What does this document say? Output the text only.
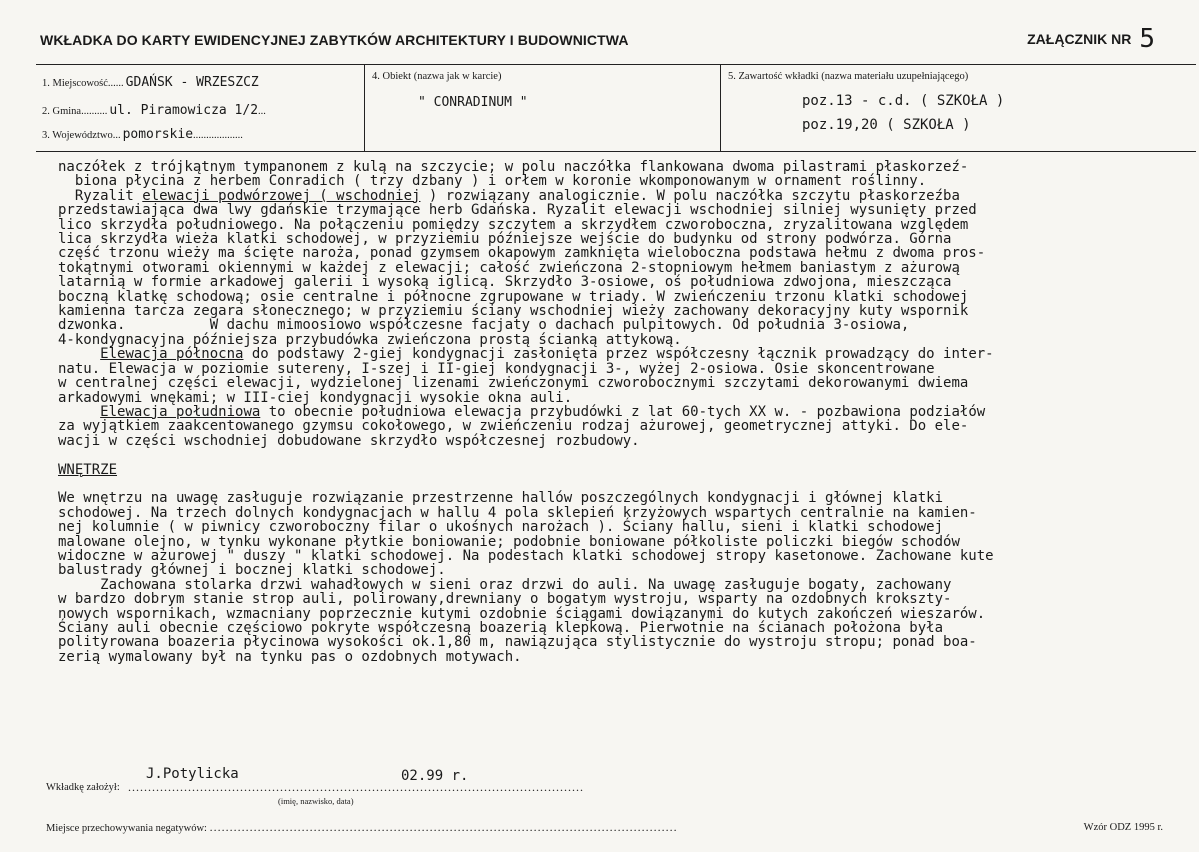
WKŁADKA DO KARTY EWIDENCYJNEJ ZABYTKÓW ARCHITEKTURY I BUDOWNICTWA	ZAŁĄCZNIK NR 5
1. Miejscowość...... GDAŃSK - WRZESZCZ
2. Gmina.......... ul. Piramowicza 1/2...
3. Województwo... pomorskie...................
4. Obiekt (nazwa jak w karcie)
" CONRADINUM "
5. Zawartość wkładki (nazwa materiału uzupełniającego)
poz.13 - c.d. ( SZKOŁA )
poz.19,20 ( SZKOŁA )

naczółek z trójkątnym tympanonem z kulą na szczycie; w polu naczółka flankowana dwoma pilastrami płaskorzeź-

biona płycina z herbem Conradich ( trzy dzbany ) i orłem w koronie wkomponowanym w ornament roślinny.

Ryzalit elewacji podwórzowej ( wschodniej ) rozwiązany analogicznie. W polu naczółka szczytu płaskorzeźba

przedstawiająca dwa lwy gdańskie trzymające herb Gdańska. Ryzalit elewacji wschodniej silniej wysunięty przed

lico skrzydła południowego. Na połączeniu pomiędzy szczytem a skrzydłem czworoboczna, zryzalitowana względem

lica skrzydła wieża klatki schodowej, w przyziemiu późniejsze wejście do budynku od strony podwórza. Górna

część trzonu wieży ma ścięte naroża, ponad gzymsem okapowym zamknięta wieloboczna podstawa hełmu z dwoma pros-

tokątnymi otworami okiennymi w każdej z elewacji; całość zwieńczona 2-stopniowym hełmem baniastym z ażurową

latarnią w formie arkadowej galerii i wysoką iglicą. Skrzydło 3-osiowe, oś południowa zdwojona, mieszcząca

boczną klatkę schodową; osie centralne i północne zgrupowane w triady. W zwieńczeniu trzonu klatki schodowej

kamienna tarcza zegara słonecznego; w przyziemiu ściany wschodniej wieży zachowany dekoracyjny kuty wspornik

dzwonka.          W dachu mimoosiowo współczesne facjaty o dachach pulpitowych. Od południa 3-osiowa,

4-kondygnacyjna późniejsza przybudówka zwieńczona prostą ścianką attykową.

Elewacja północna do podstawy 2-giej kondygnacji zasłonięta przez współczesny łącznik prowadzący do inter-

natu. Elewacja w poziomie sutereny, I-szej i II-giej kondygnacji 3-, wyżej 2-osiowa. Osie skoncentrowane

w centralnej części elewacji, wydzielonej lizenami zwieńczonymi czworobocznymi szczytami dekorowanymi dwiema

arkadowymi wnękami; w III-ciej kondygnacji wysokie okna auli.

Elewacja południowa to obecnie południowa elewacja przybudówki z lat 60-tych XX w. - pozbawiona podziałów

za wyjątkiem zaakcentowanego gzymsu cokołowego, w zwieńczeniu rodzaj ażurowej, geometrycznej attyki. Do ele-

wacji w części wschodniej dobudowane skrzydło współczesnej rozbudowy.

WNĘTRZE

We wnętrzu na uwagę zasługuje rozwiązanie przestrzenne hallów poszczególnych kondygnacji i głównej klatki

schodowej. Na trzech dolnych kondygnacjach w hallu 4 pola sklepień krzyżowych wspartych centralnie na kamien-

nej kolumnie ( w piwnicy czworoboczny filar o ukośnych narożach ). Ściany hallu, sieni i klatki schodowej

malowane olejno, w tynku wykonane płytkie boniowanie; podobnie boniowane półkoliste policzki biegów schodów

widoczne w ażurowej " duszy " klatki schodowej. Na podestach klatki schodowej stropy kasetonowe. Zachowane kute

balustrady głównej i bocznej klatki schodowej.

Zachowana stolarka drzwi wahadłowych w sieni oraz drzwi do auli. Na uwagę zasługuje bogaty, zachowany

w bardzo dobrym stanie strop auli, polirowany,drewniany o bogatym wystroju, wsparty na ozdobnych krokszty-

nowych wspornikach, wzmacniany poprzecznie kutymi ozdobnie ściągami dowiązanymi do kutych zakończeń wieszarów.

Ściany auli obecnie częściowo pokryte współczesną boazerią klepkową. Pierwotnie na ścianach położona była

polityrowana boazeria płycinowa wysokości ok.1,80 m, nawiązująca stylistycznie do wystroju stropu; ponad boa-

zerią wymalowany był na tynku pas o ozdobnych motywach.

Wkładkę założył: ..................................................................................................................
J.Potylicka	02.99 r.
(imię, nazwisko, data)
Miejsce przechowywania negatywów: .....................................................................................................................	Wzór ODZ 1995 r.
